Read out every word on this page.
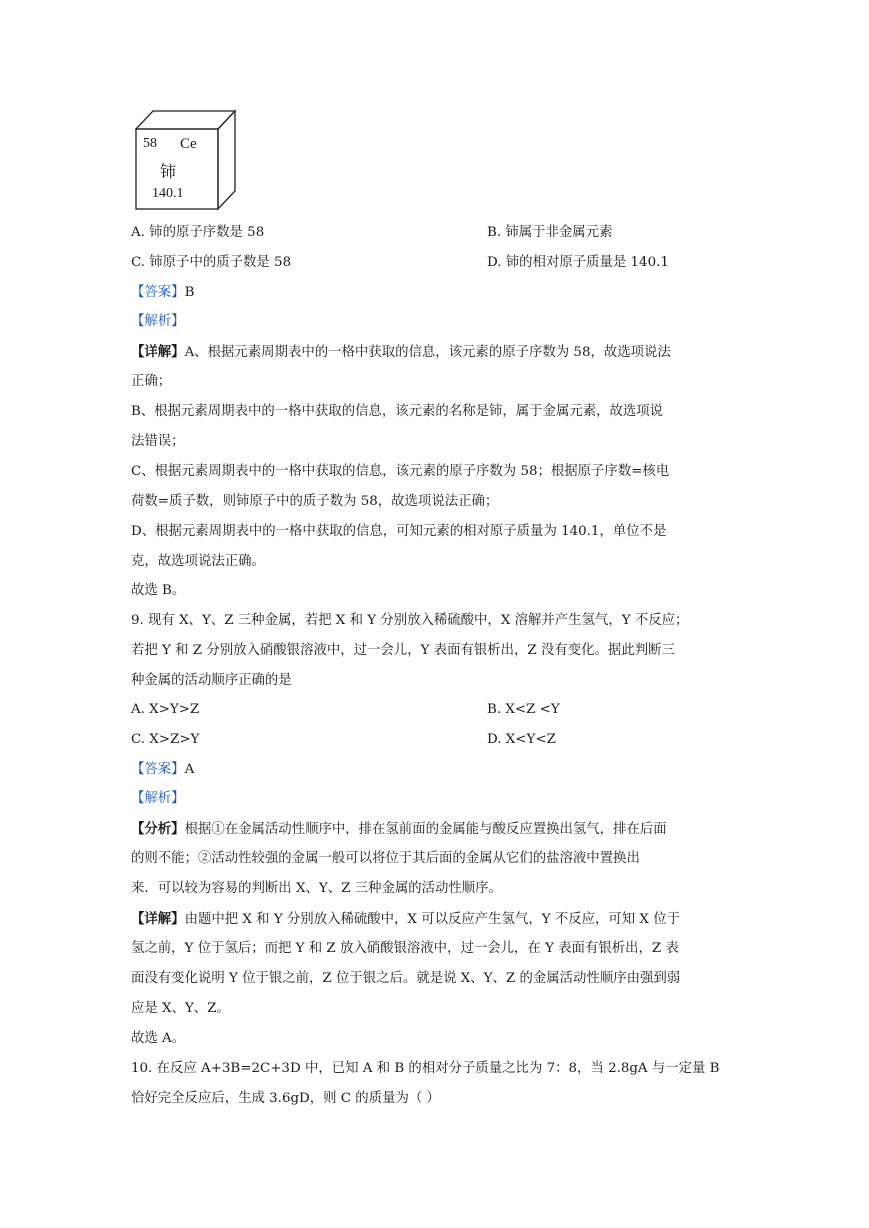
58 Ce
铈
140.1
A. 铈的原子序数是 58	B. 铈属于非金属元素
C. 铈原子中的质子数是 58	D. 铈的相对原子质量是 140.1
【答案】B
【解析】
【详解】A、根据元素周期表中的一格中获取的信息，该元素的原子序数为 58，故选项说法
正确；
B、根据元素周期表中的一格中获取的信息，该元素的名称是铈，属于金属元素，故选项说
法错误；
C、根据元素周期表中的一格中获取的信息，该元素的原子序数为 58；根据原子序数=核电
荷数=质子数，则铈原子中的质子数为 58，故选项说法正确；
D、根据元素周期表中的一格中获取的信息，可知元素的相对原子质量为 140.1，单位不是
克，故选项说法正确。
故选 B。
9. 现有 X、Y、Z 三种金属，若把 X 和 Y 分别放入稀硫酸中，X 溶解并产生氢气，Y 不反应；
若把 Y 和 Z 分别放入硝酸银溶液中，过一会儿，Y 表面有银析出，Z 没有变化。据此判断三
种金属的活动顺序正确的是
A. X>Y>Z	B. X<Z <Y
C. X>Z>Y	D. X<Y<Z
【答案】A
【解析】
【分析】根据①在金属活动性顺序中，排在氢前面的金属能与酸反应置换出氢气，排在后面
的则不能；②活动性较强的金属一般可以将位于其后面的金属从它们的盐溶液中置换出
来．可以较为容易的判断出 X、Y、Z 三种金属的活动性顺序。
【详解】由题中把 X 和 Y 分别放入稀硫酸中，X 可以反应产生氢气，Y 不反应，可知 X 位于
氢之前，Y 位于氢后；而把 Y 和 Z 放入硝酸银溶液中，过一会儿，在 Y 表面有银析出，Z 表
面没有变化说明 Y 位于银之前，Z 位于银之后。就是说 X、Y、Z 的金属活动性顺序由强到弱
应是 X、Y、Z。
故选 A。
10. 在反应 A+3B=2C+3D 中，已知 A 和 B 的相对分子质量之比为 7：8，当 2.8gA 与一定量 B
恰好完全反应后，生成 3.6gD，则 C 的质量为（ ）
